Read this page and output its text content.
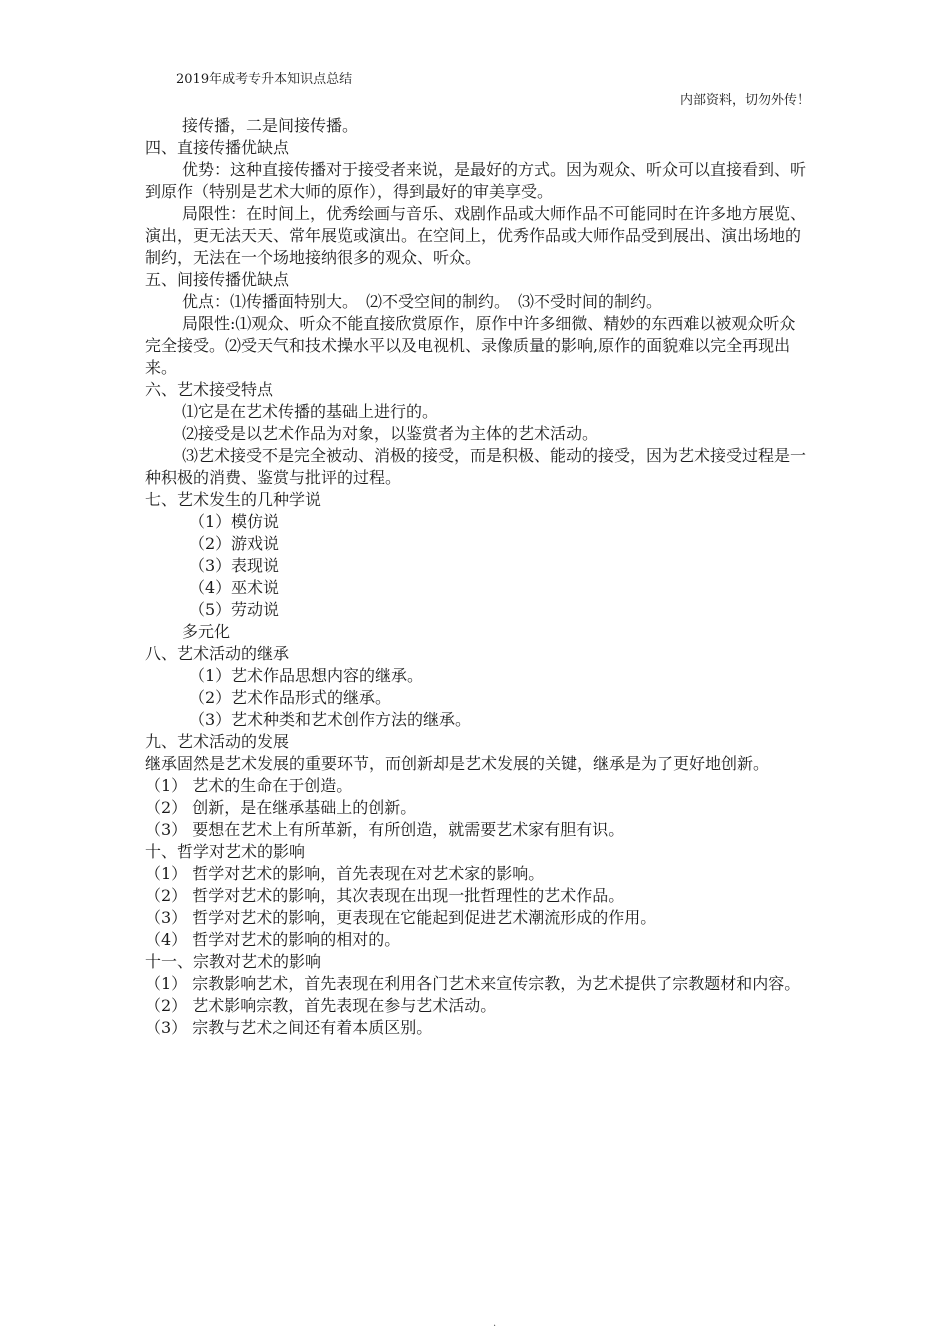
2019年成考专升本知识点总结
内部资料，切勿外传！

接传播，二是间接传播。

四、直接传播优缺点

优势：这种直接传播对于接受者来说，是最好的方式。因为观众、听众可以直接看到、听到原作（特别是艺术大师的原作），得到最好的审美享受。

局限性：在时间上，优秀绘画与音乐、戏剧作品或大师作品不可能同时在许多地方展览、演出，更无法天天、常年展览或演出。在空间上，优秀作品或大师作品受到展出、演出场地的制约，无法在一个场地接纳很多的观众、听众。

五、间接传播优缺点

优点：⑴传播面特别大。　⑵不受空间的制约。　⑶不受时间的制约。

局限性:⑴观众、听众不能直接欣赏原作，原作中许多细微、精妙的东西难以被观众听众完全接受。⑵受天气和技术操水平以及电视机、录像质量的影响,原作的面貌难以完全再现出来。

六、艺术接受特点

⑴它是在艺术传播的基础上进行的。

⑵接受是以艺术作品为对象，以鉴赏者为主体的艺术活动。

⑶艺术接受不是完全被动、消极的接受，而是积极、能动的接受，因为艺术接受过程是一种积极的消费、鉴赏与批评的过程。

七、艺术发生的几种学说

（1）模仿说

（2）游戏说

（3）表现说

（4）巫术说

（5）劳动说

多元化

八、艺术活动的继承

（1）艺术作品思想内容的继承。

（2）艺术作品形式的继承。

（3）艺术种类和艺术创作方法的继承。

九、艺术活动的发展

继承固然是艺术发展的重要环节，而创新却是艺术发展的关键，继承是为了更好地创新。

（1） 艺术的生命在于创造。

（2） 创新，是在继承基础上的创新。

（3） 要想在艺术上有所革新，有所创造，就需要艺术家有胆有识。

十、哲学对艺术的影响

（1） 哲学对艺术的影响，首先表现在对艺术家的影响。

（2） 哲学对艺术的影响，其次表现在出现一批哲理性的艺术作品。

（3） 哲学对艺术的影响，更表现在它能起到促进艺术潮流形成的作用。

（4） 哲学对艺术的影响的相对的。

十一、宗教对艺术的影响

（1） 宗教影响艺术，首先表现在利用各门艺术来宣传宗教，为艺术提供了宗教题材和内容。

（2） 艺术影响宗教，首先表现在参与艺术活动。

（3） 宗教与艺术之间还有着本质区别。

.
